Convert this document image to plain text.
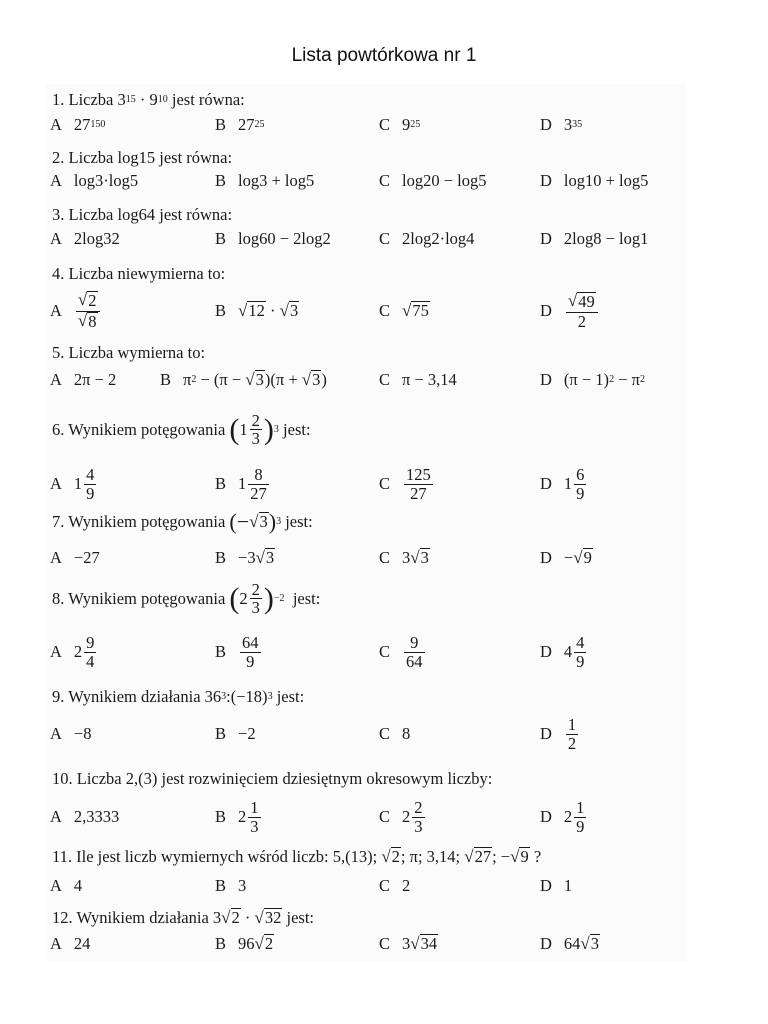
Lista powtórkowa nr 1
1. Liczba 3 15
·
9 10 jest równa:
A 27 150	B 27 25	C 9 25	D 3 35
2. Liczba log15 jest równa:
A log3·log5	B log3 + log5	C log20 − log5	D log10 + log5
3. Liczba log64 jest równa:
A 2log32	B log60 − 2log2	C 2log2·log4	D 2log8 − log1
4. Liczba niewymierna to:
A $\frac{√ 2}{√ 8}$	B √ 12
·
√ 3	C √ 75	D $\frac{√ 49}{2}$
5. Liczba wymierna to:
A 2π − 2	B π 2 − (π − √ 3 )(π + √ 3 )	C π − 3,14	D (π − 1) 2 − π 2
6. Wynikiem potęgowania
( $1 \frac{2}{3}$ ) 3
jest:
A $1 \frac{4}{9}$	B $1 \frac{8}{27}$	C $\frac{125}{27}$	D $1 \frac{6}{9}$
7. Wynikiem potęgowania
(− √ 3 ) 3
jest:
A −27	B −3 √ 3	C 3 √ 3	D − √ 9
8. Wynikiem potęgowania
( $2 \frac{2}{3}$ ) −2
jest:
A $2 \frac{9}{4}$	B $\frac{64}{9}$	C $\frac{9}{64}$	D $4 \frac{4}{9}$
9. Wynikiem działania 36 3 :(−18) 3 jest:
A −8	B −2	C 8	D $\frac{1}{2}$
10. Liczba 2,(3) jest rozwinięciem dziesiętnym okresowym liczby:
A 2,3333	B $2 \frac{1}{3}$	C $2 \frac{2}{3}$	D $2 \frac{1}{9}$
11. Ile jest liczb wymiernych wśród liczb:
5,(13);
√ 2 ; π; 3,14;
√ 27 ; − √ 9
?
A 4	B 3	C 2	D 1
12. Wynikiem działania
3 √ 2
·
√ 32
jest:
A 24	B 96 √ 2	C 3 √ 34	D 64 √ 3
